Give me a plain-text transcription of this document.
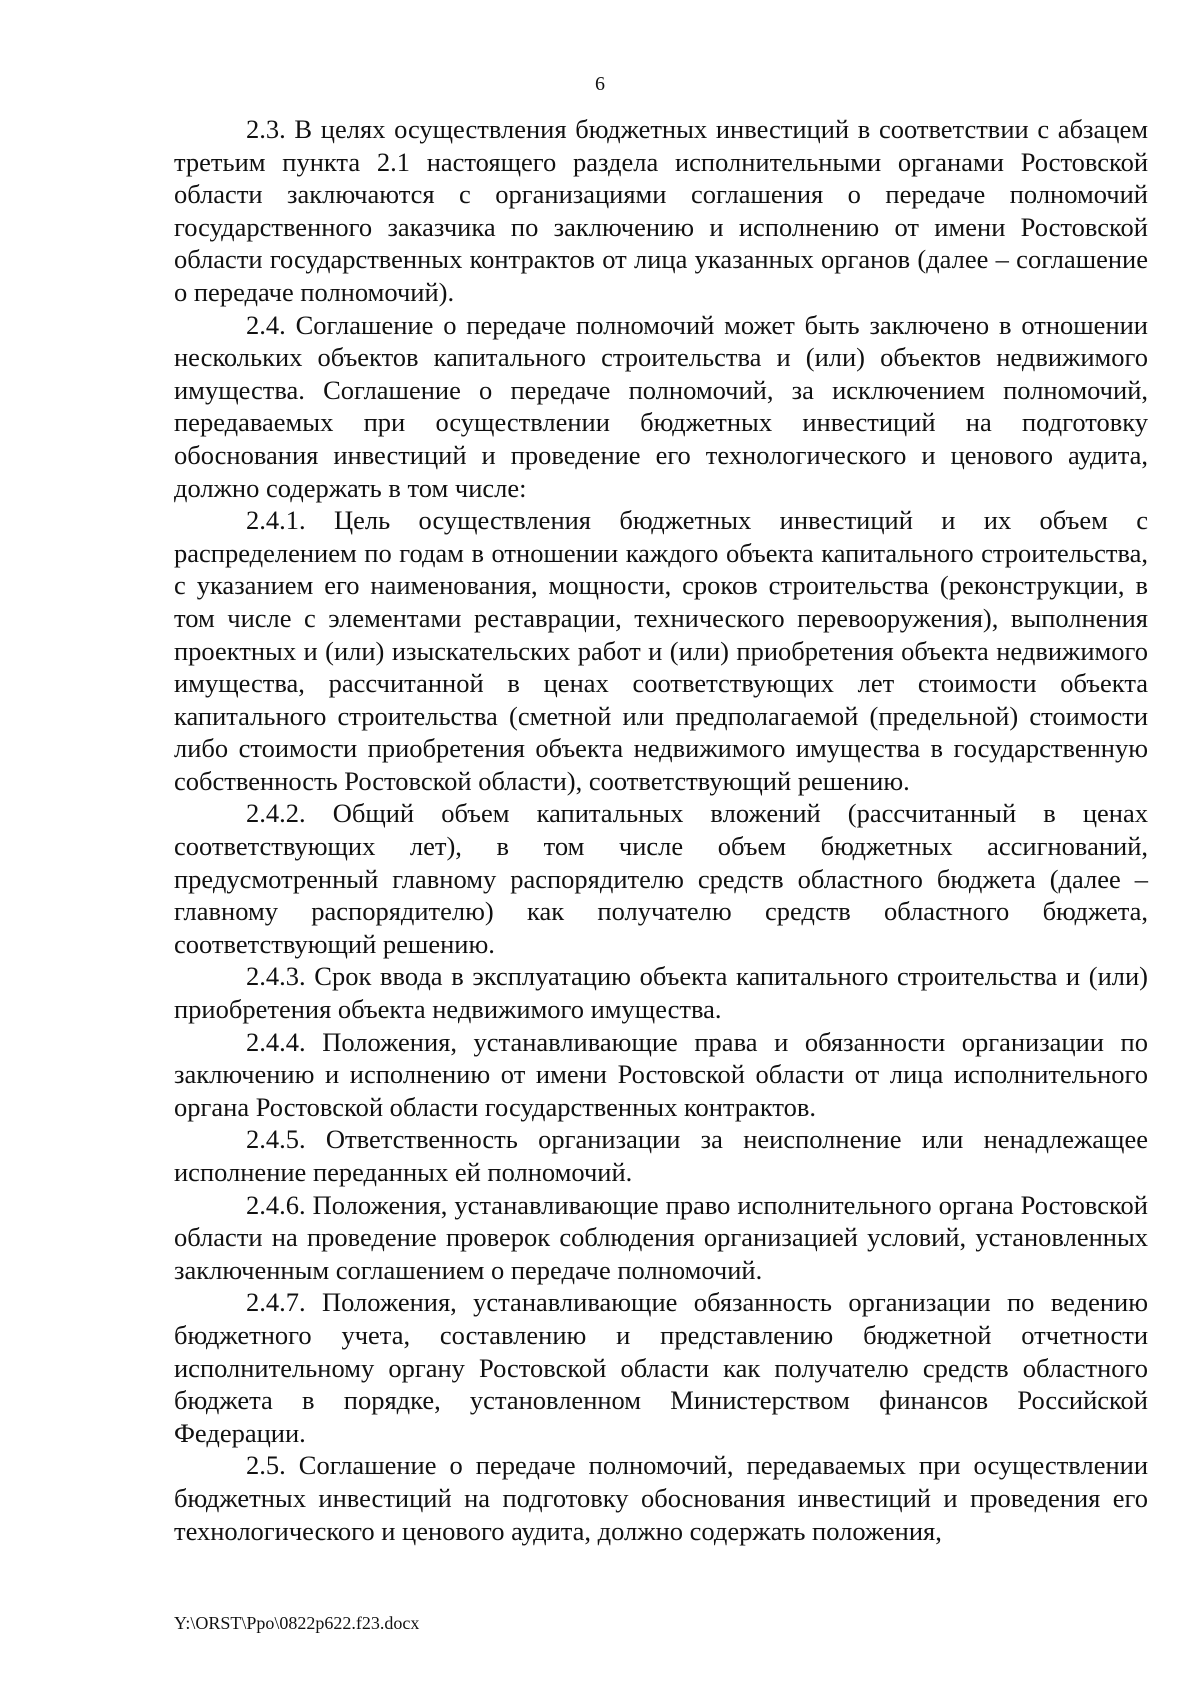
6

2.3. В целях осуществления бюджетных инвестиций в соответствии с абзацем третьим пункта 2.1 настоящего раздела исполнительными органами Ростовской области заключаются с организациями соглашения о передаче полномочий государственного заказчика по заключению и исполнению от имени Ростовской области государственных контрактов от лица указанных органов (далее – соглашение о передаче полномочий).

2.4. Соглашение о передаче полномочий может быть заключено в отношении нескольких объектов капитального строительства и (или) объектов недвижимого имущества. Соглашение о передаче полномочий, за исключением полномочий, передаваемых при осуществлении бюджетных инвестиций на подготовку обоснования инвестиций и проведение его технологического и ценового аудита, должно содержать в том числе:

2.4.1. Цель осуществления бюджетных инвестиций и их объем с распределением по годам в отношении каждого объекта капитального строительства, с указанием его наименования, мощности, сроков строительства (реконструкции, в том числе с элементами реставрации, технического перевооружения), выполнения проектных и (или) изыскательских работ и (или) приобретения объекта недвижимого имущества, рассчитанной в ценах соответствующих лет стоимости объекта капитального строительства (сметной или предполагаемой (предельной) стоимости либо стоимости приобретения объекта недвижимого имущества в государственную собственность Ростовской области), соответствующий решению.

2.4.2. Общий объем капитальных вложений (рассчитанный в ценах соответствующих лет), в том числе объем бюджетных ассигнований, предусмотренный главному распорядителю средств областного бюджета (далее – главному распорядителю) как получателю средств областного бюджета, соответствующий решению.

2.4.3. Срок ввода в эксплуатацию объекта капитального строительства и (или) приобретения объекта недвижимого имущества.

2.4.4. Положения, устанавливающие права и обязанности организации по заключению и исполнению от имени Ростовской области от лица исполнительного органа Ростовской области государственных контрактов.

2.4.5. Ответственность организации за неисполнение или ненадлежащее исполнение переданных ей полномочий.

2.4.6. Положения, устанавливающие право исполнительного органа Ростовской области на проведение проверок соблюдения организацией условий, установленных заключенным соглашением о передаче полномочий.

2.4.7. Положения, устанавливающие обязанность организации по ведению бюджетного учета, составлению и представлению бюджетной отчетности исполнительному органу Ростовской области как получателю средств областного бюджета в порядке, установленном Министерством финансов Российской Федерации.

2.5. Соглашение о передаче полномочий, передаваемых при осуществлении бюджетных инвестиций на подготовку обоснования инвестиций и проведения его технологического и ценового аудита, должно содержать положения,

Y:\ORST\Ppo\0822p622.f23.docx
